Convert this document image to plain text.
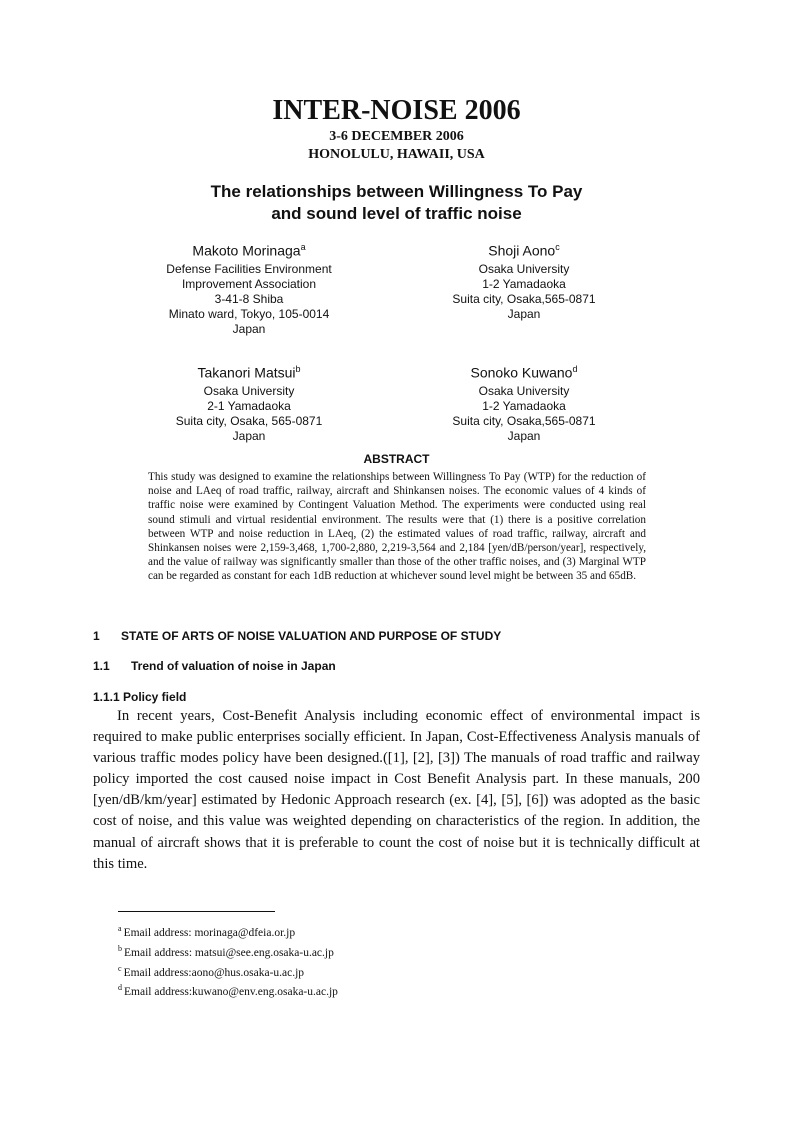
INTER-NOISE 2006
3-6 DECEMBER 2006
HONOLULU, HAWAII, USA
The relationships between Willingness To Pay
and sound level of traffic noise
Makoto Morinaga$^a$
Defense Facilities Environment
Improvement Association
3-41-8 Shiba
Minato ward, Tokyo, 105-0014
Japan
Shoji Aono$^c$
Osaka University
1-2 Yamadaoka
Suita city, Osaka,565-0871
Japan
Takanori Matsui$^b$
Osaka University
2-1 Yamadaoka
Suita city, Osaka, 565-0871
Japan
Sonoko Kuwano$^d$
Osaka University
1-2 Yamadaoka
Suita city, Osaka,565-0871
Japan
ABSTRACT
This study was designed to examine the relationships between Willingness To Pay (WTP) for the reduction of noise and LAeq of road traffic, railway, aircraft and Shinkansen noises. The economic values of 4 kinds of traffic noise were examined by Contingent Valuation Method. The experiments were conducted using real sound stimuli and virtual residential environment. The results were that (1) there is a positive correlation between WTP and noise reduction in LAeq, (2) the estimated values of road traffic, railway, aircraft and Shinkansen noises were 2,159-3,468, 1,700-2,880, 2,219-3,564 and 2,184 [yen/dB/person/year], respectively, and the value of railway was significantly smaller than those of the other traffic noises, and (3) Marginal WTP can be regarded as constant for each 1dB reduction at whichever sound level might be between 35 and 65dB.
1 STATE OF ARTS OF NOISE VALUATION AND PURPOSE OF STUDY
1.1 Trend of valuation of noise in Japan
1.1.1 Policy field
In recent years, Cost-Benefit Analysis including economic effect of environmental impact is required to make public enterprises socially efficient. In Japan, Cost-Effectiveness Analysis manuals of various traffic modes policy have been designed.([1], [2], [3]) The manuals of road traffic and railway policy imported the cost caused noise impact in Cost Benefit Analysis part. In these manuals, 200 [yen/dB/km/year] estimated by Hedonic Approach research (ex. [4], [5], [6]) was adopted as the basic cost of noise, and this value was weighted depending on characteristics of the region. In addition, the manual of aircraft shows that it is preferable to count the cost of noise but it is technically difficult at this time.
$^a$ Email address: morinaga@dfeia.or.jp
$^b$ Email address: matsui@see.eng.osaka-u.ac.jp
$^c$ Email address:aono@hus.osaka-u.ac.jp
$^d$ Email address:kuwano@env.eng.osaka-u.ac.jp
